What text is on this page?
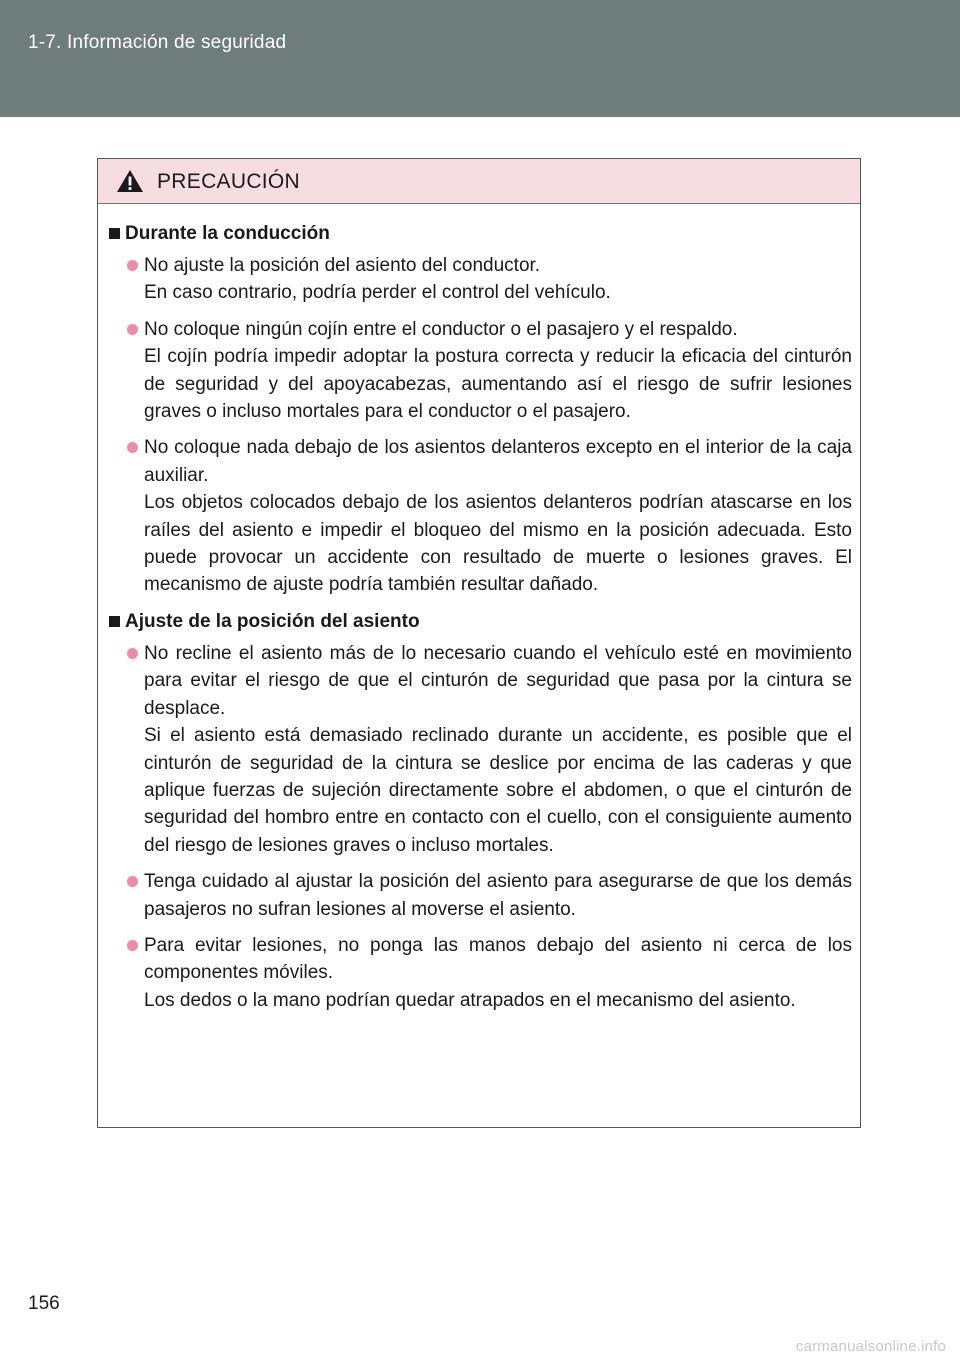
1-7. Información de seguridad
PRECAUCIÓN
Durante la conducción

No ajuste la posición del asiento del conductor.

En caso contrario, podría perder el control del vehículo.

No coloque ningún cojín entre el conductor o el pasajero y el respaldo.

El cojín podría impedir adoptar la postura correcta y reducir la eficacia del cinturón de seguridad y del apoyacabezas, aumentando así el riesgo de sufrir lesiones graves o incluso mortales para el conductor o el pasajero.

No coloque nada debajo de los asientos delanteros excepto en el interior de la caja auxiliar.

Los objetos colocados debajo de los asientos delanteros podrían atascarse en los raíles del asiento e impedir el bloqueo del mismo en la posición adecuada. Esto puede provocar un accidente con resultado de muerte o lesiones graves. El mecanismo de ajuste podría también resultar dañado.

Ajuste de la posición del asiento

No recline el asiento más de lo necesario cuando el vehículo esté en movimiento para evitar el riesgo de que el cinturón de seguridad que pasa por la cintura se desplace.

Si el asiento está demasiado reclinado durante un accidente, es posible que el cinturón de seguridad de la cintura se deslice por encima de las caderas y que aplique fuerzas de sujeción directamente sobre el abdomen, o que el cinturón de seguridad del hombro entre en contacto con el cuello, con el consiguiente aumento del riesgo de lesiones graves o incluso mortales.

Tenga cuidado al ajustar la posición del asiento para asegurarse de que los demás pasajeros no sufran lesiones al moverse el asiento.

Para evitar lesiones, no ponga las manos debajo del asiento ni cerca de los componentes móviles.

Los dedos o la mano podrían quedar atrapados en el mecanismo del asiento.

156
carmanualsonline.info
